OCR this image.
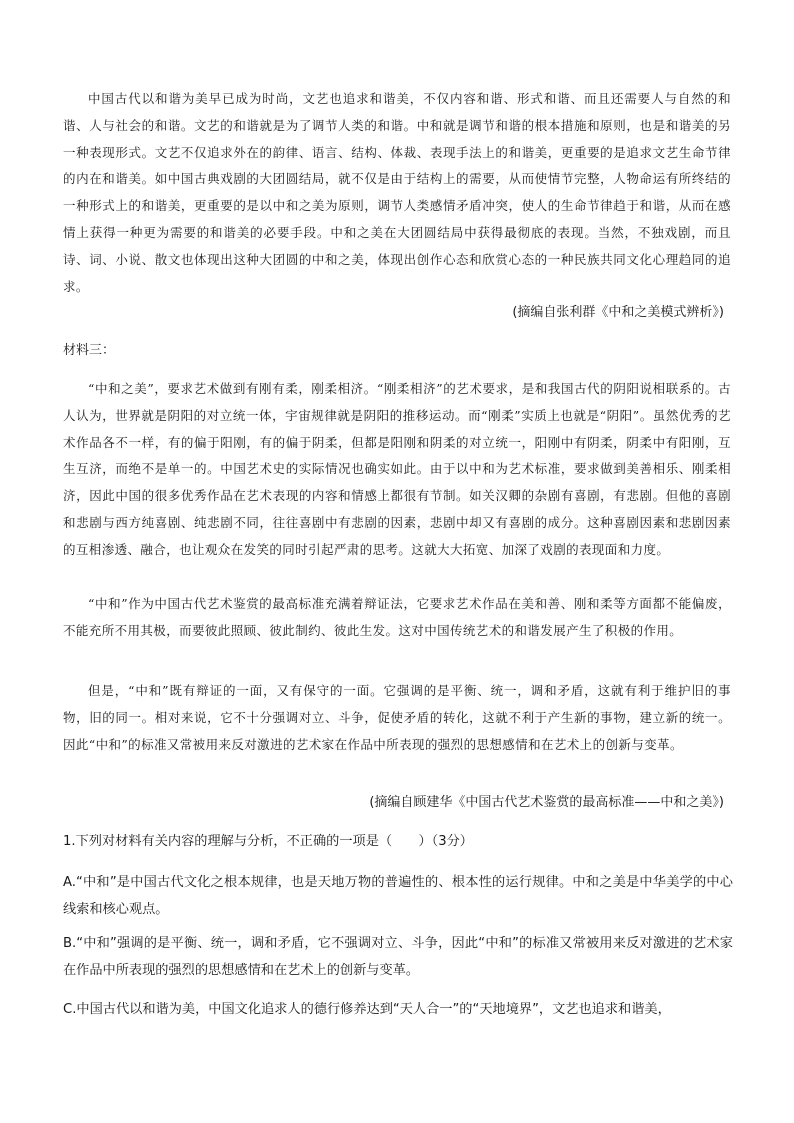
中国古代以和谐为美早已成为时尚，文艺也追求和谐美，不仅内容和谐、形式和谐、而且还需要人与自然的和谐、人与社会的和谐。文艺的和谐就是为了调节人类的和谐。中和就是调节和谐的根本措施和原则，也是和谐美的另一种表现形式。文艺不仅追求外在的韵律、语言、结构、体裁、表现手法上的和谐美，更重要的是追求文艺生命节律的内在和谐美。如中国古典戏剧的大团圆结局，就不仅是由于结构上的需要，从而使情节完整，人物命运有所终结的一种形式上的和谐美，更重要的是以中和之美为原则，调节人类感情矛盾冲突，使人的生命节律趋于和谐，从而在感情上获得一种更为需要的和谐美的必要手段。中和之美在大团圆结局中获得最彻底的表现。当然，不独戏剧，而且诗、词、小说、散文也体现出这种大团圆的中和之美，体现出创作心态和欣赏心态的一种民族共同文化心理趋同的追求。

(摘编自张利群《中和之美模式辨析》)

材料三：

“中和之美”，要求艺术做到有刚有柔，刚柔相济。“刚柔相济”的艺术要求，是和我国古代的阴阳说相联系的。古人认为，世界就是阴阳的对立统一体，宇宙规律就是阴阳的推移运动。而“刚柔”实质上也就是“阴阳”。虽然优秀的艺术作品各不一样，有的偏于阳刚，有的偏于阴柔，但都是阳刚和阴柔的对立统一，阳刚中有阴柔，阴柔中有阳刚，互生互济，而绝不是单一的。中国艺术史的实际情况也确实如此。由于以中和为艺术标准，要求做到美善相乐、刚柔相济，因此中国的很多优秀作品在艺术表现的内容和情感上都很有节制。如关汉卿的杂剧有喜剧，有悲剧。但他的喜剧和悲剧与西方纯喜剧、纯悲剧不同，往往喜剧中有悲剧的因素，悲剧中却又有喜剧的成分。这种喜剧因素和悲剧因素的互相渗透、融合，也让观众在发笑的同时引起严肃的思考。这就大大拓宽、加深了戏剧的表现面和力度。

“中和”作为中国古代艺术鉴赏的最高标准充满着辩证法，它要求艺术作品在美和善、刚和柔等方面都不能偏废，不能充所不用其极，而要彼此照顾、彼此制约、彼此生发。这对中国传统艺术的和谐发展产生了积极的作用。

但是，“中和”既有辩证的一面，又有保守的一面。它强调的是平衡、统一，调和矛盾，这就有利于维护旧的事物，旧的同一。相对来说，它不十分强调对立、斗争，促使矛盾的转化，这就不利于产生新的事物，建立新的统一。因此“中和”的标准又常被用来反对激进的艺术家在作品中所表现的强烈的思想感情和在艺术上的创新与变革。

(摘编自顾建华《中国古代艺术鉴赏的最高标准——中和之美》)

1.下列对材料有关内容的理解与分析，不正确的一项是（　　）（3分）

A.“中和”是中国古代文化之根本规律，也是天地万物的普遍性的、根本性的运行规律。中和之美是中华美学的中心线索和核心观点。

B.“中和”强调的是平衡、统一，调和矛盾，它不强调对立、斗争，因此“中和”的标准又常被用来反对激进的艺术家在作品中所表现的强烈的思想感情和在艺术上的创新与变革。

C.中国古代以和谐为美，中国文化追求人的德行修养达到“天人合一”的“天地境界”，文艺也追求和谐美，
